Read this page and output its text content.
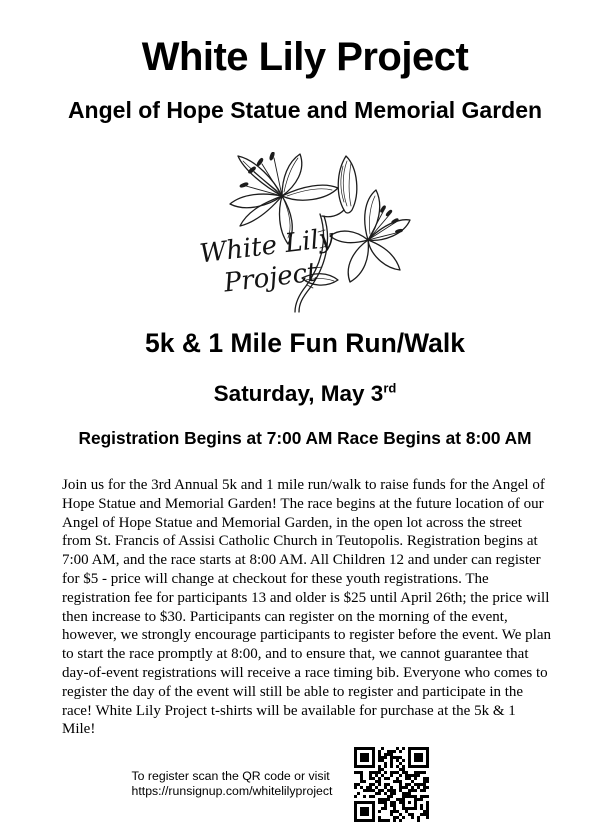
White Lily Project
Angel of Hope Statue and Memorial Garden
White Lily
Project
5k & 1 Mile Fun Run/Walk
Saturday, May 3rd
Registration Begins at 7:00 AM Race Begins at 8:00 AM
Join us for the 3rd Annual 5k and 1 mile run/walk to raise funds for the Angel of Hope Statue and Memorial Garden! The race begins at the future location of our Angel of Hope Statue and Memorial Garden, in the open lot across the street from St. Francis of Assisi Catholic Church in Teutopolis. Registration begins at 7:00 AM, and the race starts at 8:00 AM. All Children 12 and under can register for $5 - price will change at checkout for these youth registrations. The registration fee for participants 13 and older is $25 until April 26th; the price will then increase to $30. Participants can register on the morning of the event, however, we strongly encourage participants to register before the event. We plan to start the race promptly at 8:00, and to ensure that, we cannot guarantee that day-of-event registrations will receive a race timing bib. Everyone who comes to register the day of the event will still be able to register and participate in the race! White Lily Project t-shirts will be available for purchase at the 5k & 1 Mile!
To register scan the QR code or visit
https://runsignup.com/whitelilyproject
